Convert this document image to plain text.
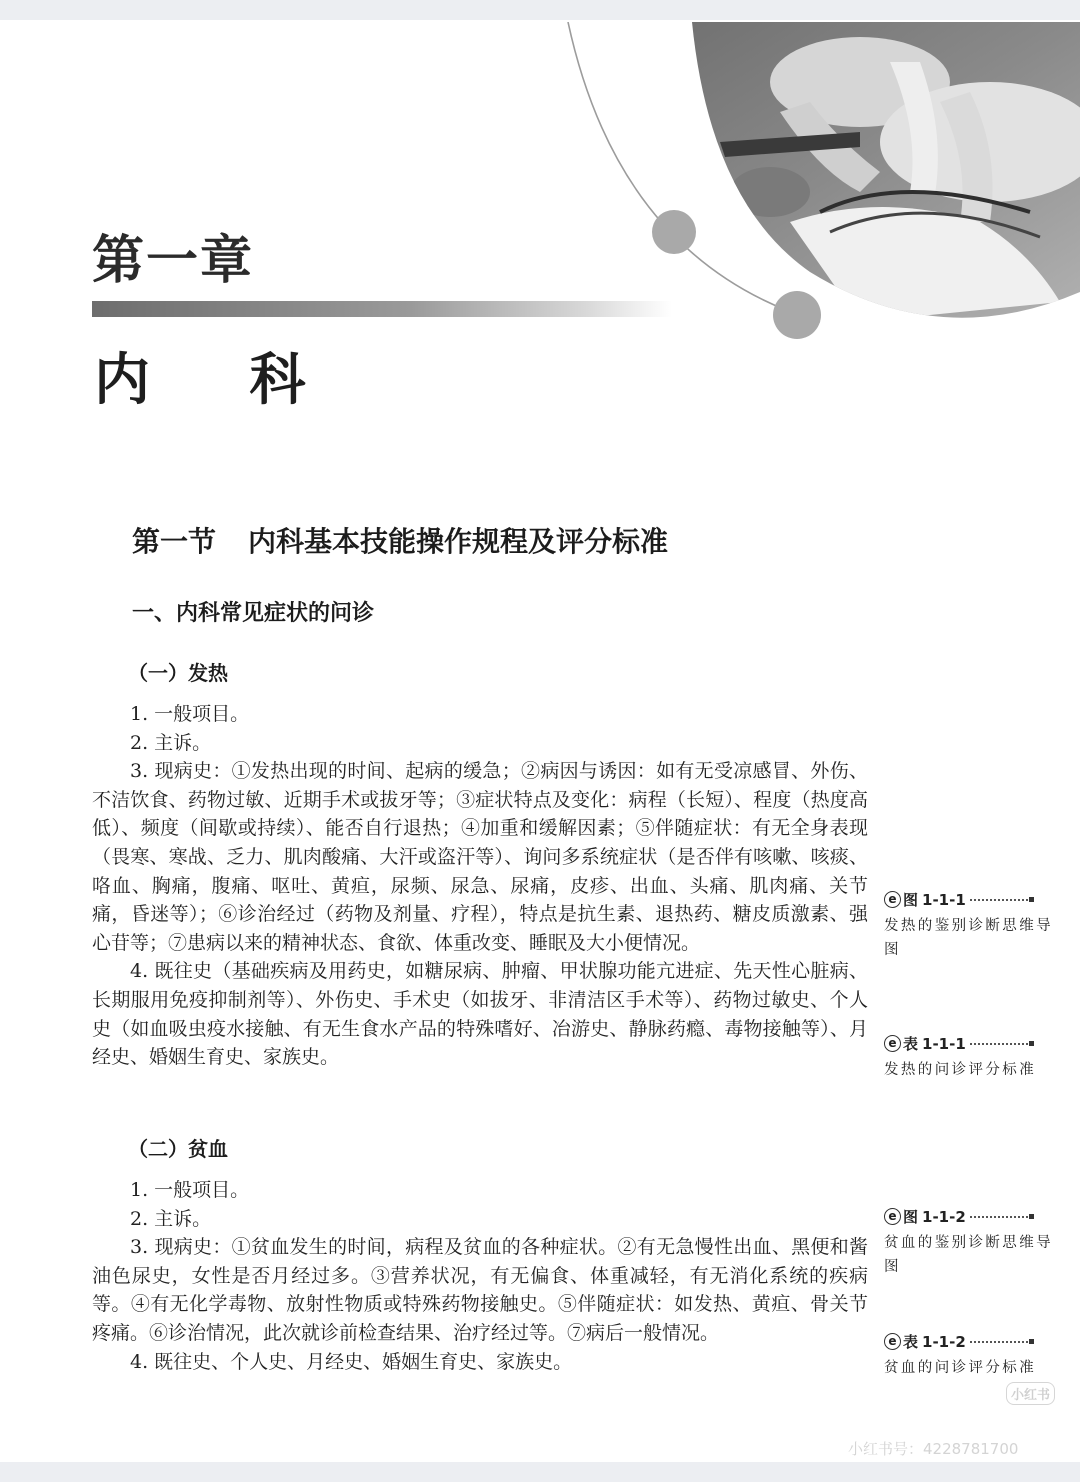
第一章
内 科
第一节 内科基本技能操作规程及评分标准
一、内科常见症状的问诊
（一）发热

1. 一般项目。

2. 主诉。

3. 现病史：①发热出现的时间、起病的缓急；②病因与诱因：如有无受凉感冒、外伤、不洁饮食、药物过敏、近期手术或拔牙等；③症状特点及变化：病程（长短）、程度（热度高低）、频度（间歇或持续）、能否自行退热；④加重和缓解因素；⑤伴随症状：有无全身表现（畏寒、寒战、乏力、肌肉酸痛、大汗或盗汗等）、询问多系统症状（是否伴有咳嗽、咳痰、咯血、胸痛，腹痛、呕吐、黄疸，尿频、尿急、尿痛，皮疹、出血、头痛、肌肉痛、关节痛，昏迷等）；⑥诊治经过（药物及剂量、疗程），特点是抗生素、退热药、糖皮质激素、强心苷等；⑦患病以来的精神状态、食欲、体重改变、睡眠及大小便情况。

4. 既往史（基础疾病及用药史，如糖尿病、肿瘤、甲状腺功能亢进症、先天性心脏病、长期服用免疫抑制剂等）、外伤史、手术史（如拔牙、非清洁区手术等）、药物过敏史、个人史（如血吸虫疫水接触、有无生食水产品的特殊嗜好、冶游史、静脉药瘾、毒物接触等）、月经史、婚姻生育史、家族史。

（二）贫血

1. 一般项目。

2. 主诉。

3. 现病史：①贫血发生的时间，病程及贫血的各种症状。②有无急慢性出血、黑便和酱油色尿史，女性是否月经过多。③营养状况，有无偏食、体重减轻，有无消化系统的疾病等。④有无化学毒物、放射性物质或特殊药物接触史。⑤伴随症状：如发热、黄疸、骨关节疼痛。⑥诊治情况，此次就诊前检查结果、治疗经过等。⑦病后一般情况。

4. 既往史、个人史、月经史、婚姻生育史、家族史。

e 图 1-1-1
发热的鉴别诊断思维导图
e 表 1-1-1
发热的问诊评分标准
e 图 1-1-2
贫血的鉴别诊断思维导图
e 表 1-1-2
贫血的问诊评分标准
小红书
小红书号：4228781700
